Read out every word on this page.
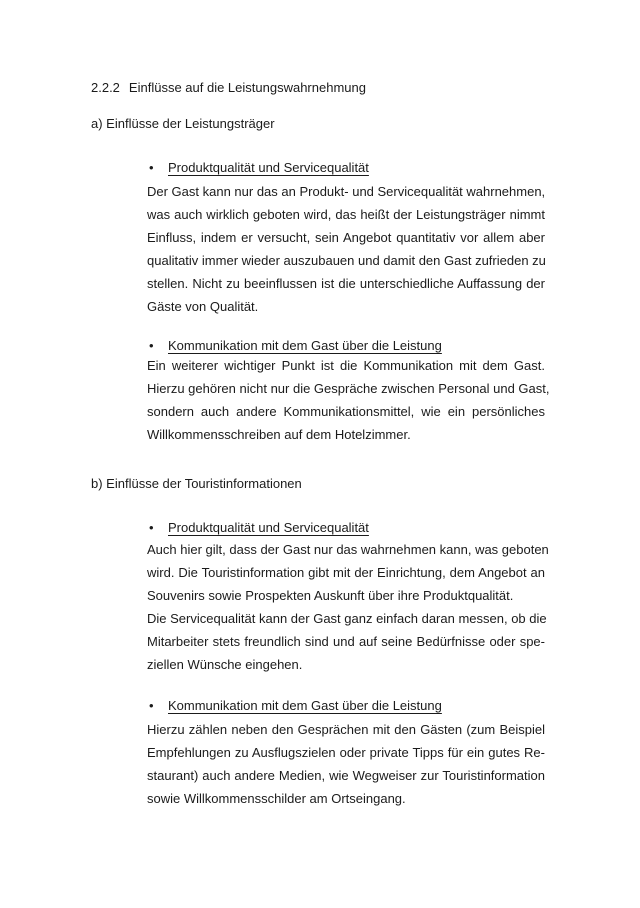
2.2.2 Einflüsse auf die Leistungswahrnehmung
a) Einflüsse der Leistungsträger
•	Produktqualität und Servicequalität
Der Gast kann nur das an Produkt- und Servicequalität wahrnehmen,
was auch wirklich geboten wird, das heißt der Leistungsträger nimmt
Einfluss, indem er versucht, sein Angebot quantitativ vor allem aber
qualitativ immer wieder auszubauen und damit den Gast zufrieden zu
stellen. Nicht zu beeinflussen ist die unterschiedliche Auffassung der
Gäste von Qualität.
•	Kommunikation mit dem Gast über die Leistung
Ein weiterer wichtiger Punkt ist die Kommunikation mit dem Gast.
Hierzu gehören nicht nur die Gespräche zwischen Personal und Gast,
sondern auch andere Kommunikationsmittel, wie ein persönliches
Willkommensschreiben auf dem Hotelzimmer.
b) Einflüsse der Touristinformationen
•	Produktqualität und Servicequalität
Auch hier gilt, dass der Gast nur das wahrnehmen kann, was geboten
wird. Die Touristinformation gibt mit der Einrichtung, dem Angebot an
Souvenirs sowie Prospekten Auskunft über ihre Produktqualität.
Die Servicequalität kann der Gast ganz einfach daran messen, ob die
Mitarbeiter stets freundlich sind und auf seine Bedürfnisse oder spe-
ziellen Wünsche eingehen.
•	Kommunikation mit dem Gast über die Leistung
Hierzu zählen neben den Gesprächen mit den Gästen (zum Beispiel
Empfehlungen zu Ausflugszielen oder private Tipps für ein gutes Re-
staurant) auch andere Medien, wie Wegweiser zur Touristinformation
sowie Willkommensschilder am Ortseingang.
